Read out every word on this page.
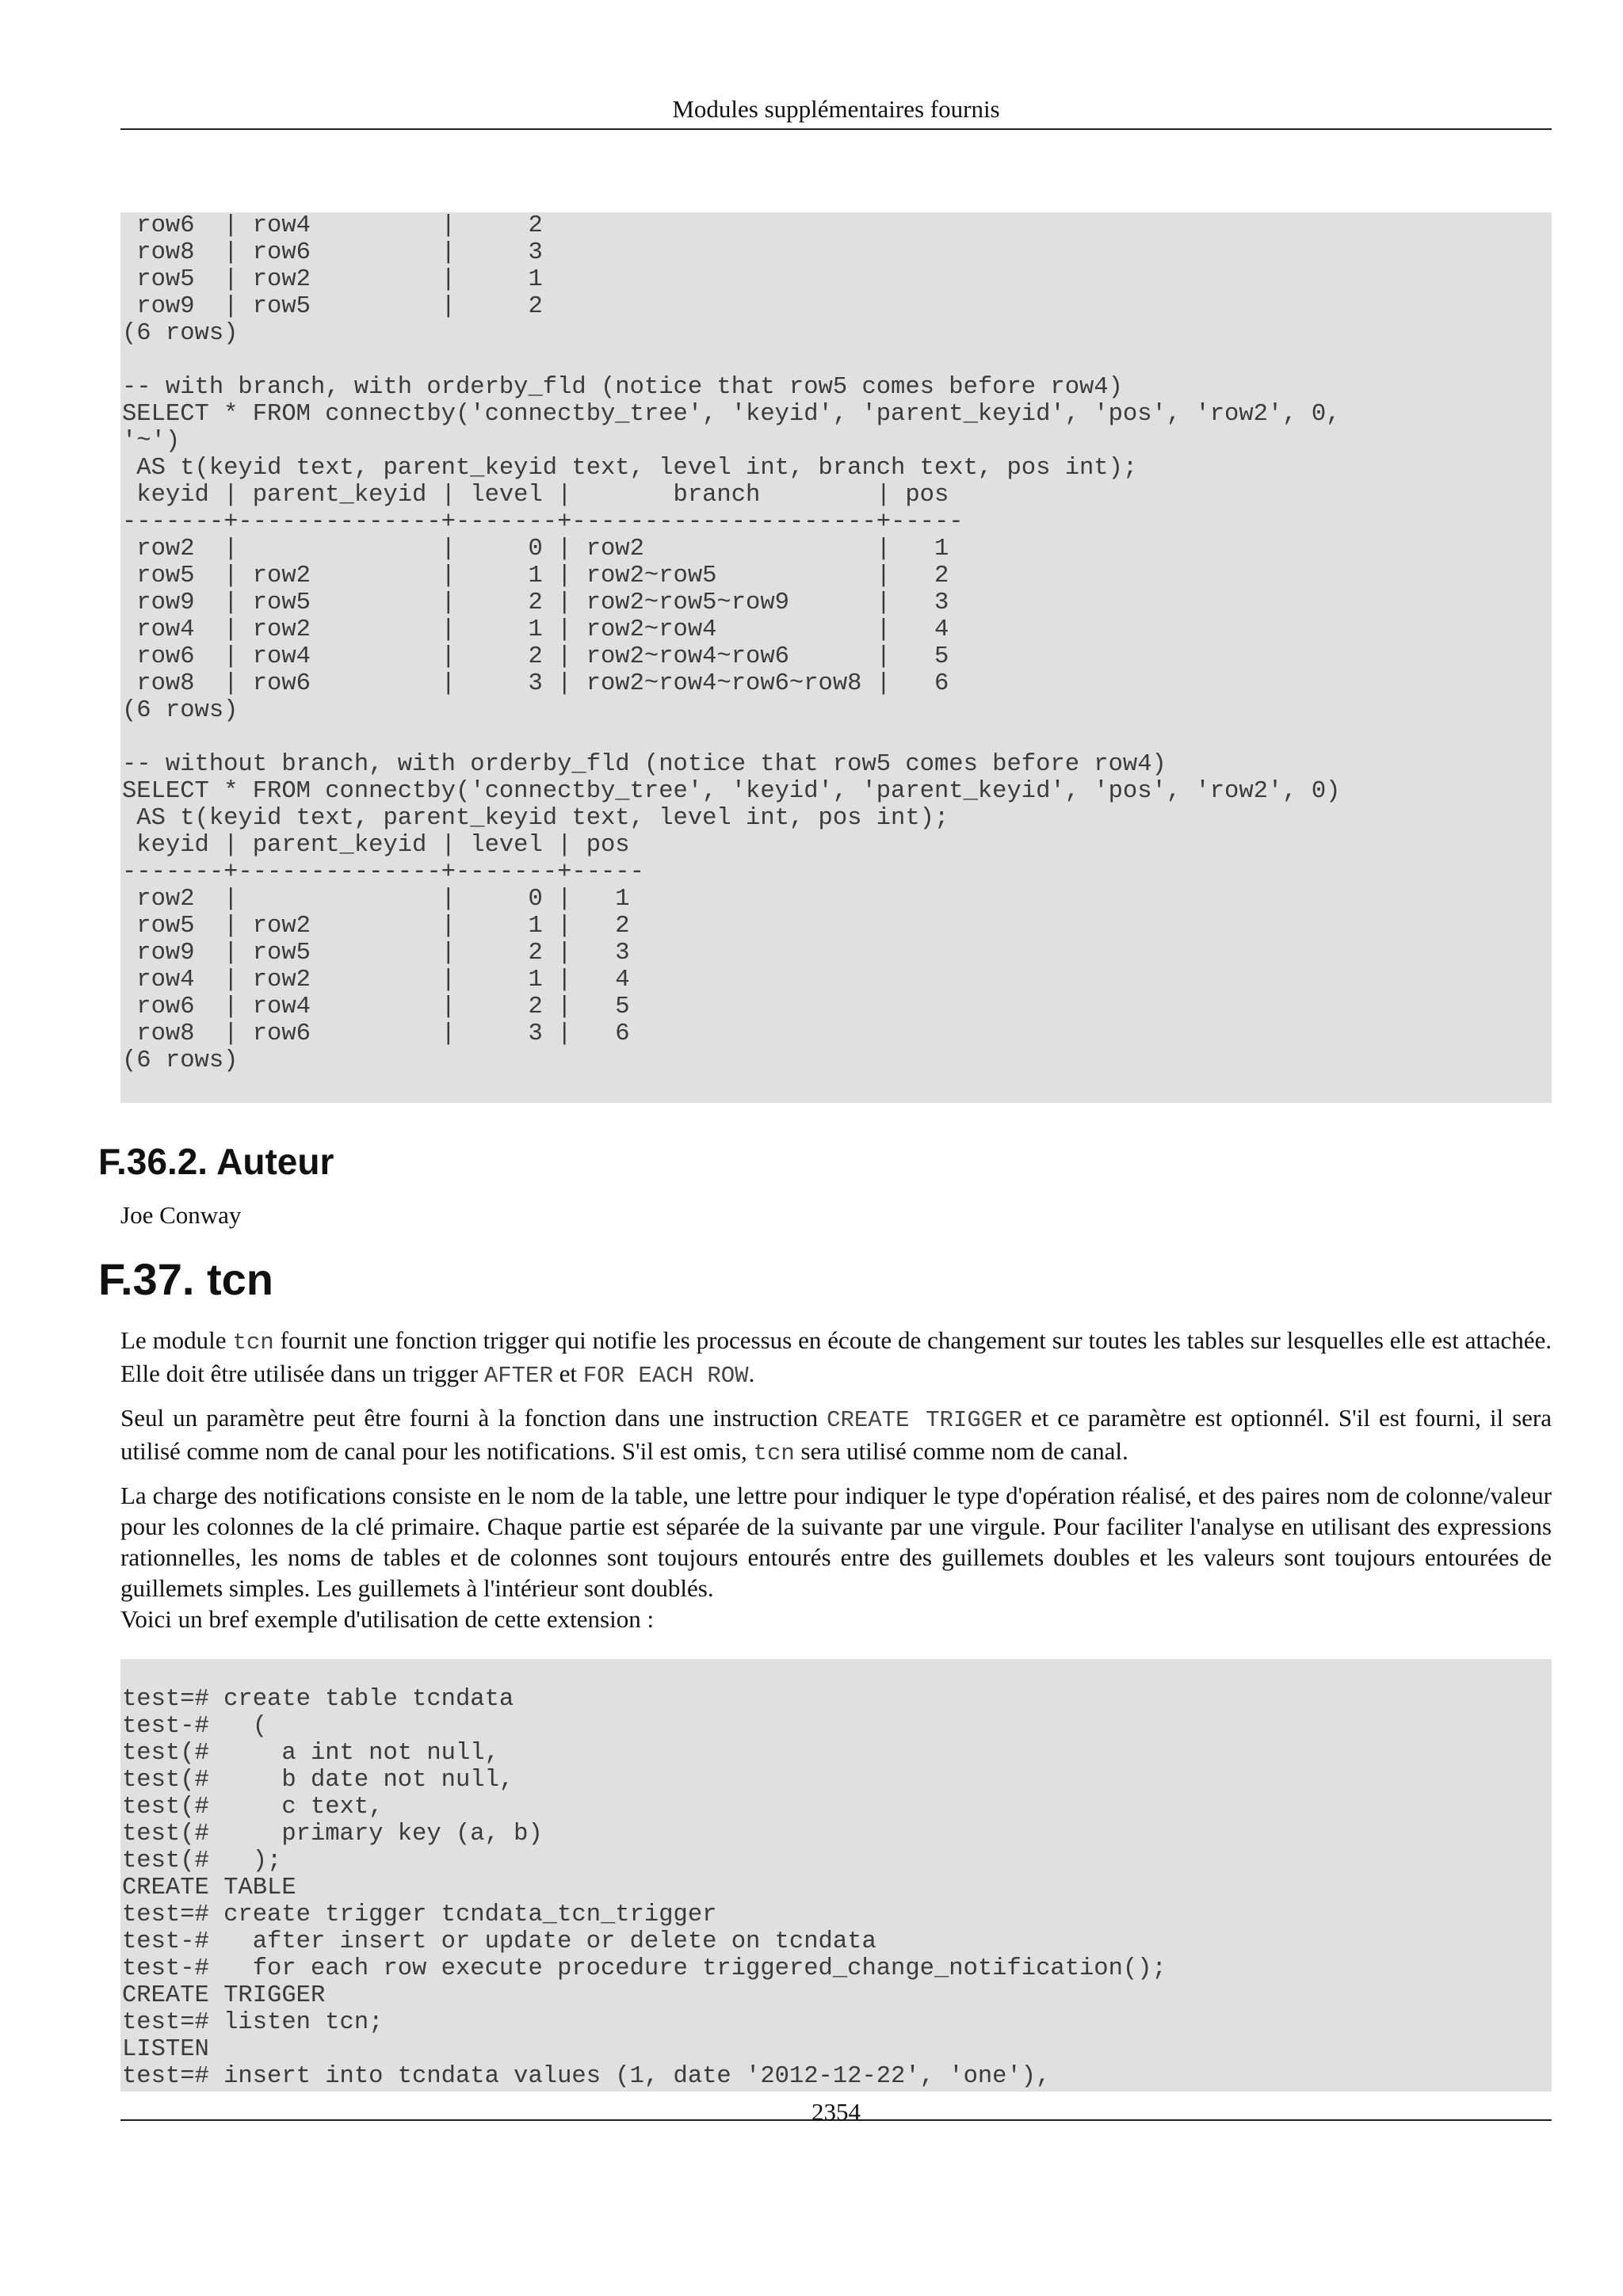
Modules supplémentaires fournis
row6  | row4         |     2
row8  | row6         |     3
row5  | row2         |     1
row9  | row5         |     2
(6 rows)

-- with branch, with orderby_fld (notice that row5 comes before row4)
SELECT * FROM connectby('connectby_tree', 'keyid', 'parent_keyid', 'pos', 'row2', 0,
'~')
AS t(keyid text, parent_keyid text, level int, branch text, pos int);
keyid | parent_keyid | level |       branch        | pos
-------+--------------+-------+---------------------+-----
row2  |              |     0 | row2                |   1
row5  | row2         |     1 | row2~row5           |   2
row9  | row5         |     2 | row2~row5~row9      |   3
row4  | row2         |     1 | row2~row4           |   4
row6  | row4         |     2 | row2~row4~row6      |   5
row8  | row6         |     3 | row2~row4~row6~row8 |   6
(6 rows)

-- without branch, with orderby_fld (notice that row5 comes before row4)
SELECT * FROM connectby('connectby_tree', 'keyid', 'parent_keyid', 'pos', 'row2', 0)
AS t(keyid text, parent_keyid text, level int, pos int);
keyid | parent_keyid | level | pos
-------+--------------+-------+-----
row2  |              |     0 |   1
row5  | row2         |     1 |   2
row9  | row5         |     2 |   3
row4  | row2         |     1 |   4
row6  | row4         |     2 |   5
row8  | row6         |     3 |   6
(6 rows)
F.36.2. Auteur

Joe Conway

F.37. tcn

Le module tcn fournit une fonction trigger qui notifie les processus en écoute de changement sur toutes les tables sur lesquelles elle est attachée. Elle doit être utilisée dans un trigger AFTER et FOR EACH ROW.

Seul un paramètre peut être fourni à la fonction dans une instruction CREATE TRIGGER et ce paramètre est optionnél. S'il est fourni, il sera utilisé comme nom de canal pour les notifications. S'il est omis, tcn sera utilisé comme nom de canal.

La charge des notifications consiste en le nom de la table, une lettre pour indiquer le type d'opération réalisé, et des paires nom de colonne/valeur pour les colonnes de la clé primaire. Chaque partie est séparée de la suivante par une virgule. Pour faciliter l'analyse en utilisant des expressions rationnelles, les noms de tables et de colonnes sont toujours entourés entre des guillemets doubles et les valeurs sont toujours entourées de guillemets simples. Les guillemets à l'intérieur sont doublés.

Voici un bref exemple d'utilisation de cette extension :

test=# create table tcndata
test-#   (
test(#     a int not null,
test(#     b date not null,
test(#     c text,
test(#     primary key (a, b)
test(#   );
CREATE TABLE
test=# create trigger tcndata_tcn_trigger
test-#   after insert or update or delete on tcndata
test-#   for each row execute procedure triggered_change_notification();
CREATE TRIGGER
test=# listen tcn;
LISTEN
test=# insert into tcndata values (1, date '2012-12-22', 'one'),
2354
